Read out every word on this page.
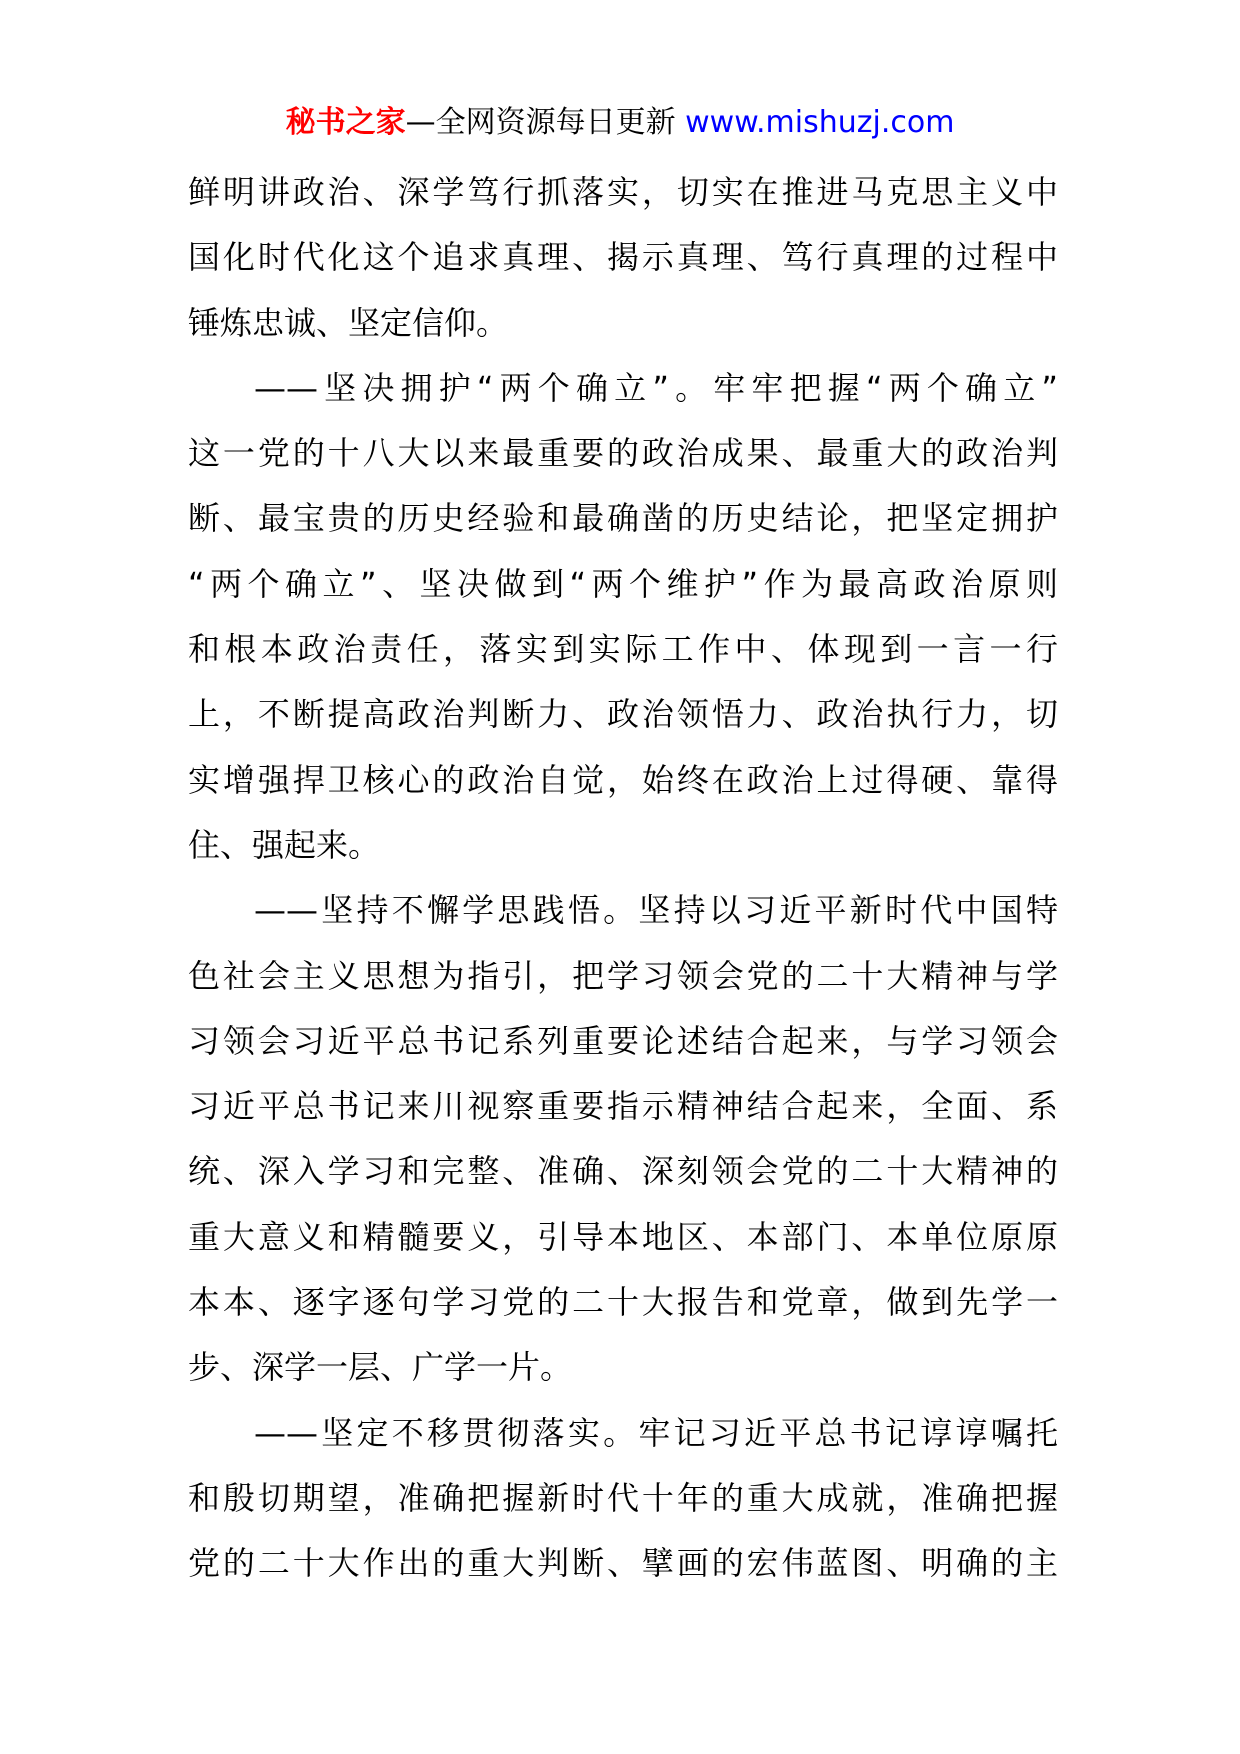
秘书之家—全网资源每日更新 www.mishuzj.com
鲜明讲政治、深学笃行抓落实，切实在推进马克思主义中
国化时代化这个追求真理、揭示真理、笃行真理的过程中
锤炼忠诚、坚定信仰。
——坚决拥护“两个确立”。牢牢把握“两个确立”
这一党的十八大以来最重要的政治成果、最重大的政治判
断、最宝贵的历史经验和最确凿的历史结论，把坚定拥护
“两个确立”、坚决做到“两个维护”作为最高政治原则
和根本政治责任，落实到实际工作中、体现到一言一行
上，不断提高政治判断力、政治领悟力、政治执行力，切
实增强捍卫核心的政治自觉，始终在政治上过得硬、靠得
住、强起来。
——坚持不懈学思践悟。坚持以习近平新时代中国特
色社会主义思想为指引，把学习领会党的二十大精神与学
习领会习近平总书记系列重要论述结合起来，与学习领会
习近平总书记来川视察重要指示精神结合起来，全面、系
统、深入学习和完整、准确、深刻领会党的二十大精神的
重大意义和精髓要义，引导本地区、本部门、本单位原原
本本、逐字逐句学习党的二十大报告和党章，做到先学一
步、深学一层、广学一片。
——坚定不移贯彻落实。牢记习近平总书记谆谆嘱托
和殷切期望，准确把握新时代十年的重大成就，准确把握
党的二十大作出的重大判断、擘画的宏伟蓝图、明确的主
